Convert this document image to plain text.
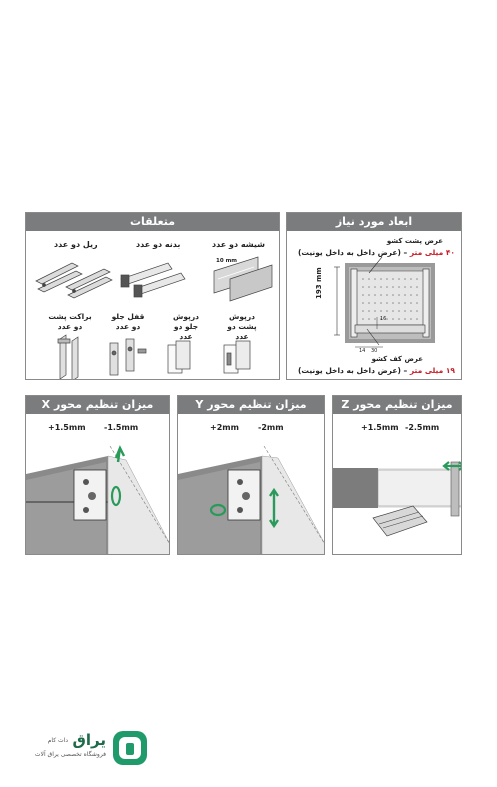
ابعاد مورد نیاز
عرض پشت کشو
۴۰ میلی متر – (عرض داخل به داخل یونیت)
193 mm
16
14 30
عرض کف کشو
۱۹ میلی متر – (عرض داخل به داخل یونیت)
متعلقات
ریل دو عدد	بدنه دو عدد	شیشه دو عدد
10 mm
براکت پشت دو عدد
قفل جلو دو عدد
درپوش جلو دو عدد
درپوش پشت دو عدد
میزان تنظیم محور X
+1.5mm -1.5mm
میزان تنظیم محور Y
+2mm -2mm
میزان تنظیم محور Z
+1.5mm -2.5mm
یراق
دات کام
فروشگاه تخصصی یراق آلات
